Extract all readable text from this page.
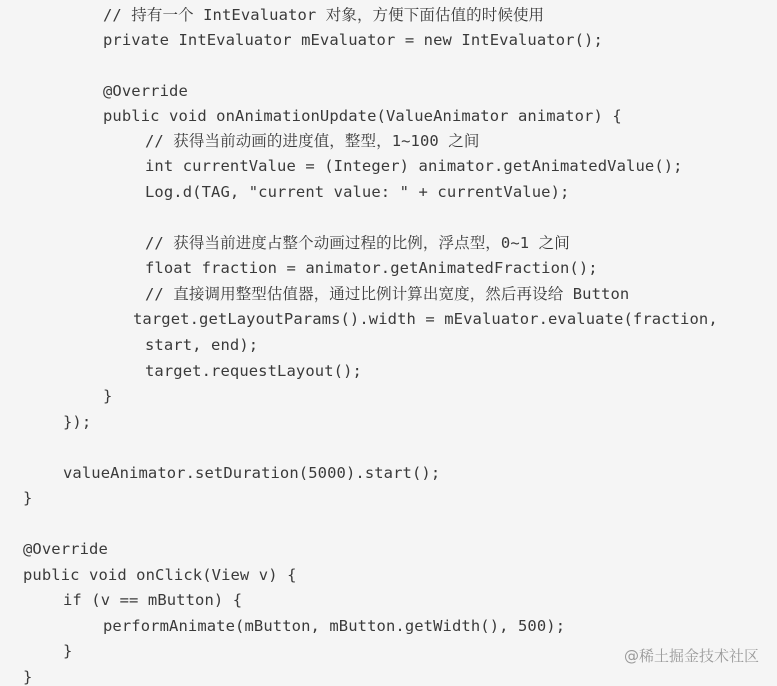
// 持有一个 IntEvaluator 对象，方便下面估值的时候使用
private IntEvaluator mEvaluator = new IntEvaluator();
@Override
public void onAnimationUpdate(ValueAnimator animator) {
// 获得当前动画的进度值，整型，1~100 之间
int currentValue = (Integer) animator.getAnimatedValue();
Log.d(TAG, "current value: " + currentValue);
// 获得当前进度占整个动画过程的比例，浮点型，0~1 之间
float fraction = animator.getAnimatedFraction();
// 直接调用整型估值器，通过比例计算出宽度，然后再设给 Button
target.getLayoutParams().width = mEvaluator.evaluate(fraction,
start, end);
target.requestLayout();
}
});
valueAnimator.setDuration(5000).start();
}
@Override
public void onClick(View v) {
if (v == mButton) {
performAnimate(mButton, mButton.getWidth(), 500);
}
}
@稀土掘金技术社区
